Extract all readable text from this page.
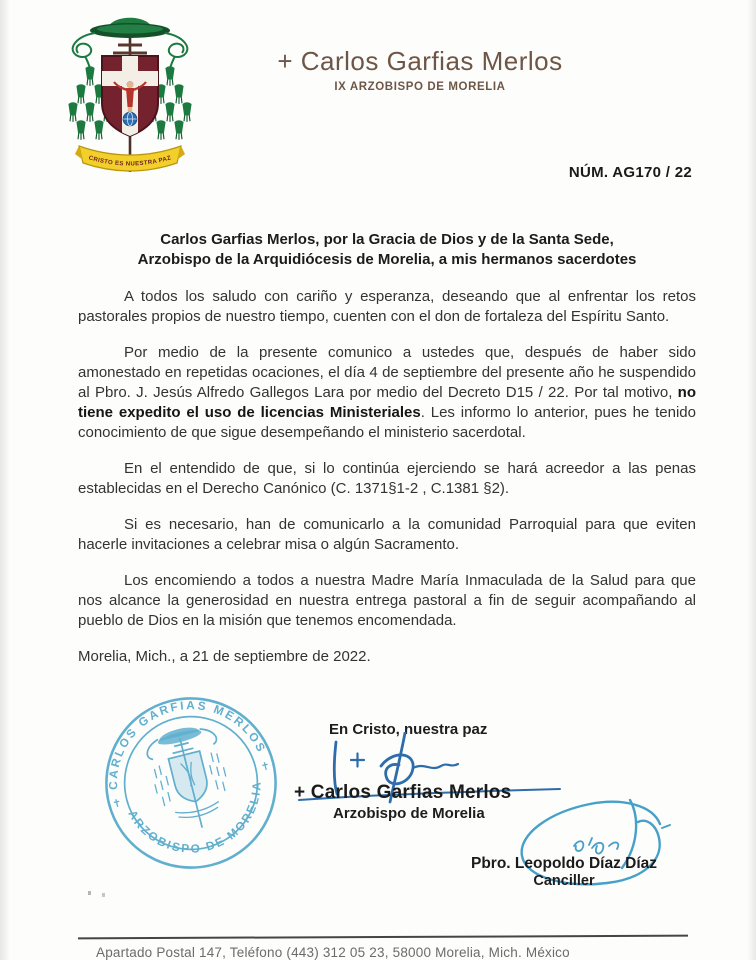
CRISTO ES NUESTRA PAZ
+ Carlos Garfias Merlos
IX ARZOBISPO DE MORELIA
NÚM. AG170 / 22
Carlos Garfias Merlos, por la Gracia de Dios y de la Santa Sede,
Arzobispo de la Arquidiócesis de Morelia, a mis hermanos sacerdotes

A todos los saludo con cariño y esperanza, deseando que al enfrentar los retos pastorales propios de nuestro tiempo, cuenten con el don de fortaleza del Espíritu Santo.

Por medio de la presente comunico a ustedes que, después de haber sido amonestado en repetidas ocaciones, el día 4 de septiembre del presente año he suspendido al Pbro. J. Jesús Alfredo Gallegos Lara por medio del Decreto D15 / 22. Por tal motivo, no tiene expedito el uso de licencias Ministeriales. Les informo lo anterior, pues he tenido conocimiento de que sigue desempeñando el ministerio sacerdotal.

En el entendido de que, si lo continúa ejerciendo se hará acreedor a las penas establecidas en el Derecho Canónico (C. 1371§1-2 , C.1381 §2).

Si es necesario, han de comunicarlo a la comunidad Parroquial para que eviten hacerle invitaciones a celebrar misa o algún Sacramento.

Los encomiendo a todos a nuestra Madre María Inmaculada de la Salud para que nos alcance la generosidad en nuestra entrega pastoral a fin de seguir acompañando al pueblo de Dios en la misión que tenemos encomendada.

Morelia, Mich., a 21 de septiembre de 2022.

CARLOS GARFIAS MERLOS
ARZOBISPO DE MORELIA
✝
✝
En Cristo, nuestra paz
+ Carlos Garfias Merlos
Arzobispo de Morelia
Pbro. Leopoldo Díaz Díaz
Canciller
Apartado Postal 147, Teléfono (443) 312 05 23, 58000 Morelia, Mich. México
